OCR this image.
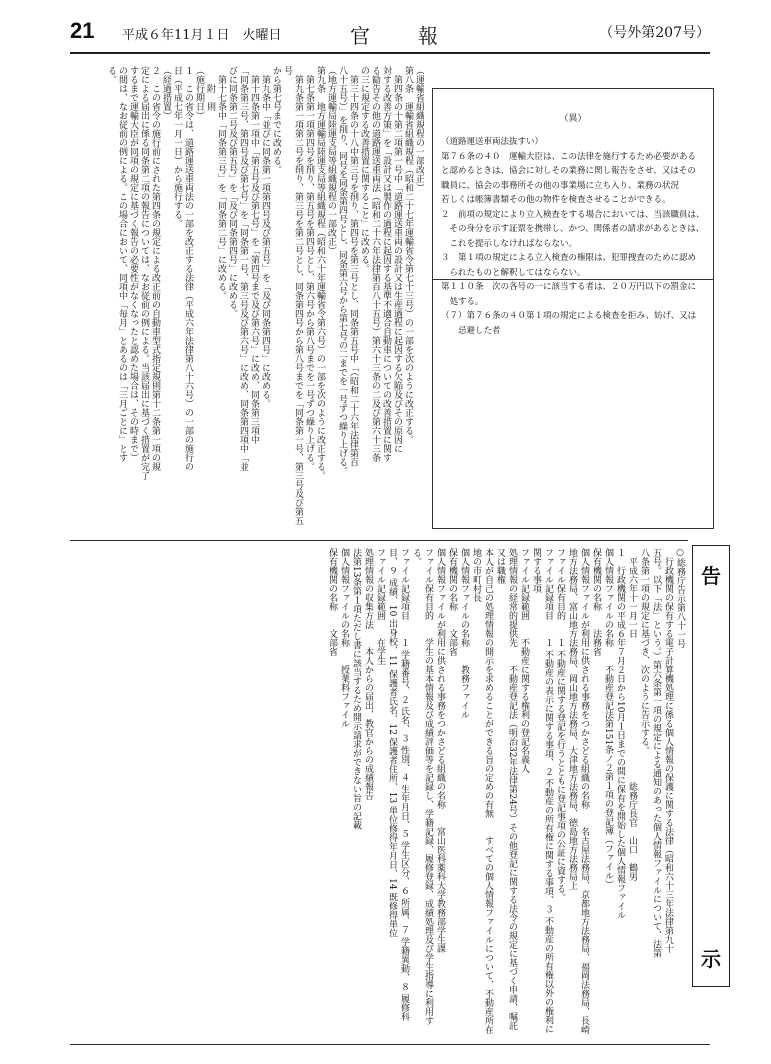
21 平成６年11月１日　火曜日	官　報	（号外第207号）
（運輸省組織規程の一部改正）
第八条　運輸省組織規程（昭和二十七年運輸省令第七十三号）の一部を次のように改正する。
　第四条の十第二項第一号中「道路運送車両の設計又は生産過程に起因する欠陥及びその原因に
対する改善方策」を「設計又は製作の過程に起因する基準不適合自動車についての改善措置に関す
る勧告その他の道路運送車両法（昭和二十六年法律第百八十五号）第六十三条の二及び第六十三条
の三に規定する改善措置に関すること」に改める。
　第三十四条の十八中第三号を削り、第四号を第三号とし、同条第五号中「（昭和二十六年法律第百
八十五号）」を削り、同号を同条第四号とし、同条第六号から第七号の二までを一号ずつ繰り上げる。
（地方運輸局陸運支局等組織規程の一部改正）
第九条　地方運輸局陸運支局等組織規程（昭和六十年運輸省令第六号）の一部を次のように改正する。
　第七条第一項第四号を削り、第五号を第四号とし、第六号から第八号までを一号ずつ繰り上げる。
　第九条第一項第二号を削り、第三号を第二号とし、同条第四号から第八号までを「同条第一号、第三号及び第五号
から第七号までに改める。
　第九条中「並びに同条第一項第四号及び第五号」を「及び同条第四号」に改める。
　第十四条第一項中「第五号及び第七号」を「第四号まで及び第六号」に改め、同条第三項中
「同条第三号、第四号及び第七号」を「同条第一号、第三号及び第六号」に改め、同条第四項中「並
びに同条第二号及び第五号」を「及び同条第四号」に改める。
　第十七条中「同条第三号」を「同条第二号」に改める。
　　附　則
（施行期日）
１　この省令は、道路運送車両法の一部を改正する法律（平成六年法律第八十六号）の一部の施行の
日（平成七年一月一日）から施行する。
（経過措置）
２　この省令の施行前にされた第四条の規定による改正前の自動車型式指定規則第十二条第一項の規
定による届出に係る同条第二項の報告については、なお従前の例による。当該届出に基づく措置が完了
するまで運輸大臣が同項の規定に基づく報告の必要性がなくなったと認めた場合は、その時まで）
の間は、なお従前の例による。この場合において、同項中「毎月」とあるのは「三月ごとに」とす
る。
（異）
（道路運送車両法抜すい）
第７６条の４０　運輸大臣は、この法律を施行するため必要がある
と認めるときは、協会に対しその業務に関し報告をさせ、又はその
職員に、協会の事務所その他の事業場に立ち入り、業務の状況
若しくは帳簿書類その他の物件を検査させることができる。
２　前項の規定により立入検査をする場合においては、当該職員は、
　その身分を示す証票を携帯し、かつ、関係者の請求があるときは、
　これを提示しなければならない。
３　第１項の規定による立入検査の権限は、犯罪捜査のために認め
　られたものと解釈してはならない。
第１１０条　次の各号の一に該当する者は、２０万円以下の罰金に
　処する。
（７）第７６条の４０第１項の規定による検査を拒み、妨げ、又は
　　忌避した者
告
示
○総務庁告示第八十一号
　行政機関の保有する電子計算機処理に係る個人情報の保護に関する法律（昭和六十三年法律第九十
五号。以下「法」という。）第六条第一項の規定による通知のあった個人情報ファイルについて、法第
八条第一項の規定に基づき、次のように告示する。
　平成六年十一月一日　　　　　　　　　　　　　　　　総務庁長官　山口　鶴男
１　行政機関の平成６年７月２日から10月１日までの間に保有を開始した個人情報ファイル
個人情報ファイルの名称　　不動産登記法第151条ノ２第１項の登記簿（ファイル）
保有機関の名称　　法務省
個人情報ファイルが利用に供される事務をつかさどる組織の名称　　名古屋法務局、京都地方法務局、福岡法務局、長崎地方法務局、富山地方法務局、岡山地方法務局、大津地方法務局、徳島地方法務局上
ファイル保有目的　　１ 不動産に関する登記を行うとともに登記事項の公証に資する。
ファイル記録項目　　１ 不動産の表示に関する事項、２ 不動産の所有権に関する事項、３ 不動産の所有権以外の権利に関する事項
ファイル記録範囲　　不動産に関する権利の登記名義人
処理情報の経常的提供先　　不動産登記法（明治32年法律第24号）その他登記に関する法令の規定に基づく申請、嘱託又は職権
本人が自己の処理情報の開示を求めることができる旨の定めの有無　　すべての個人情報ファイルについて、不動産所在地の市町村長
個人情報ファイルの名称　　教務ファイル
保有機関の名称　　文部省
個人情報ファイルが利用に供される事務をつかさどる組織の名称　　富山医科薬科大学教務部学生課
ファイル保有目的　　学生の基本情報及び成績評価等を記録し、学籍記録、履修登録、成績処理及び学生指導に利用する。
ファイル記録項目　　１ 学籍番号、２ 氏名、３ 性別、４ 生年月日、５ 学生区分、６ 所属、７ 学籍異動、８ 履修科目、９ 成績、10 出身校、11 保護者氏名、12 保護者住所、13 単位修得年月日、14 既修得単位
ファイル記録範囲　　在学生
処理情報の収集方法　　本人からの届出、教官からの成績報告
法第13条第１項ただし書に該当するため開示請求ができない旨の記載
個人情報ファイルの名称　　授業料ファイル
保有機関の名称　　文部省
